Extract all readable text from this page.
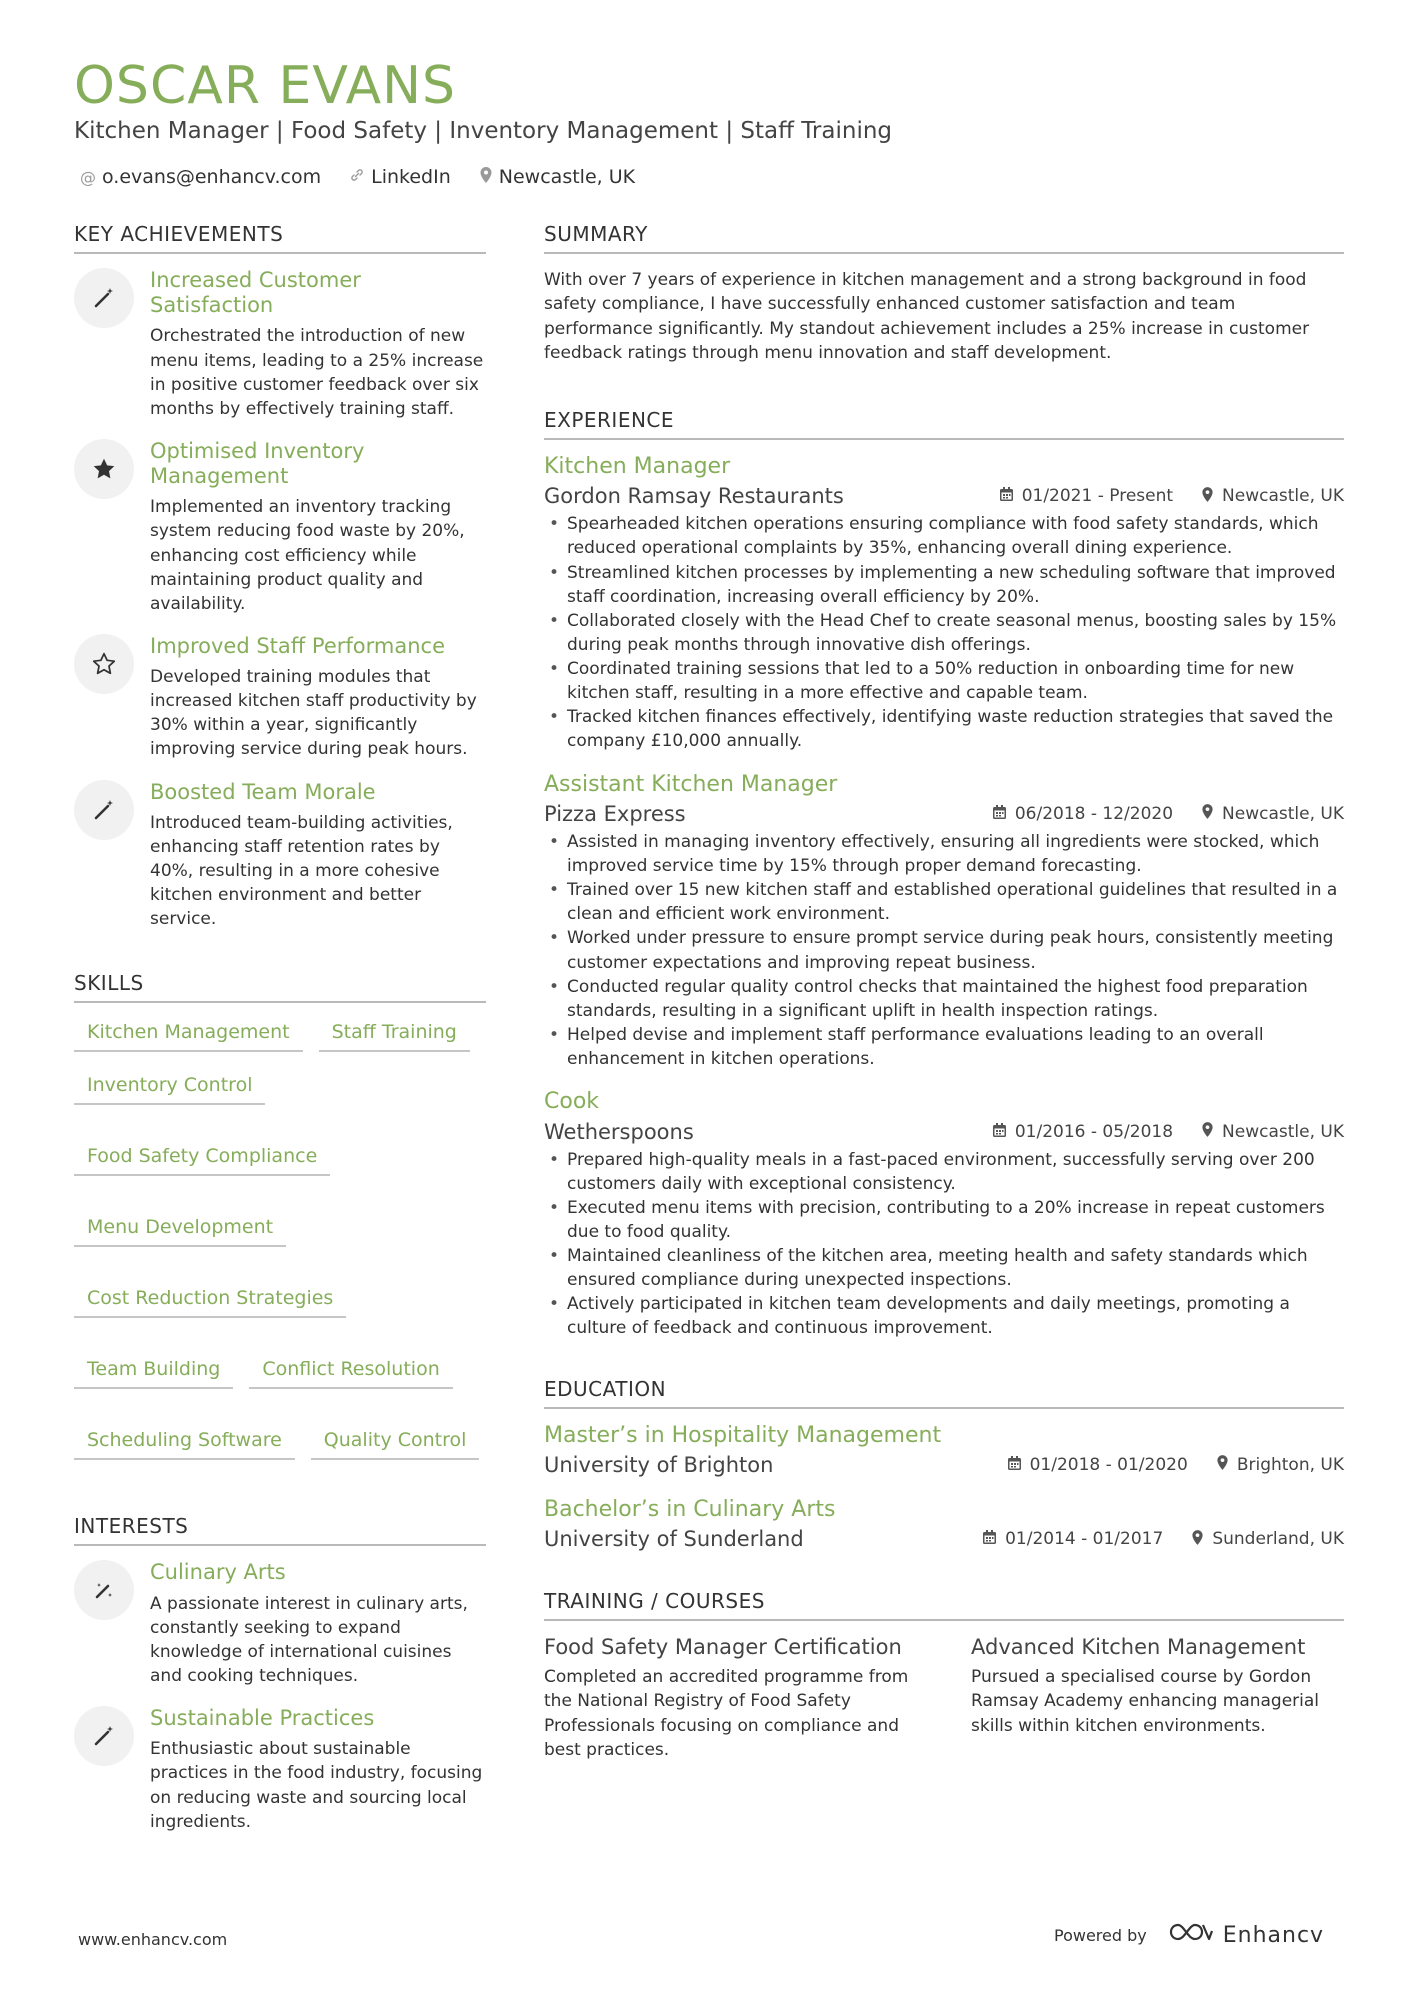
OSCAR EVANS
Kitchen Manager | Food Safety | Inventory Management | Staff Training
@ o.evans@enhancv.com	LinkedIn	Newcastle, UK
KEY ACHIEVEMENTS
Increased Customer Satisfaction
Orchestrated the introduction of new menu items, leading to a 25% increase in positive customer feedback over six months by effectively training staff.
Optimised Inventory Management
Implemented an inventory tracking system reducing food waste by 20%, enhancing cost efficiency while maintaining product quality and availability.
Improved Staff Performance
Developed training modules that increased kitchen staff productivity by 30% within a year, significantly improving service during peak hours.
Boosted Team Morale
Introduced team-building activities, enhancing staff retention rates by 40%, resulting in a more cohesive kitchen environment and better service.
SKILLS
Kitchen Management	Staff Training
Inventory Control
Food Safety Compliance
Menu Development
Cost Reduction Strategies
Team Building	Conflict Resolution
Scheduling Software	Quality Control
INTERESTS
Culinary Arts
A passionate interest in culinary arts, constantly seeking to expand knowledge of international cuisines and cooking techniques.
Sustainable Practices
Enthusiastic about sustainable practices in the food industry, focusing on reducing waste and sourcing local ingredients.
SUMMARY
With over 7 years of experience in kitchen management and a strong background in food safety compliance, I have successfully enhanced customer satisfaction and team performance significantly. My standout achievement includes a 25% increase in customer feedback ratings through menu innovation and staff development.
EXPERIENCE
Kitchen Manager
Gordon Ramsay Restaurants	01/2021 - Present	Newcastle, UK
• Spearheaded kitchen operations ensuring compliance with food safety standards, which reduced operational complaints by 35%, enhancing overall dining experience.
• Streamlined kitchen processes by implementing a new scheduling software that improved staff coordination, increasing overall efficiency by 20%.
• Collaborated closely with the Head Chef to create seasonal menus, boosting sales by 15% during peak months through innovative dish offerings.
• Coordinated training sessions that led to a 50% reduction in onboarding time for new kitchen staff, resulting in a more effective and capable team.
• Tracked kitchen finances effectively, identifying waste reduction strategies that saved the company £10,000 annually.
Assistant Kitchen Manager
Pizza Express	06/2018 - 12/2020	Newcastle, UK
• Assisted in managing inventory effectively, ensuring all ingredients were stocked, which improved service time by 15% through proper demand forecasting.
• Trained over 15 new kitchen staff and established operational guidelines that resulted in a clean and efficient work environment.
• Worked under pressure to ensure prompt service during peak hours, consistently meeting customer expectations and improving repeat business.
• Conducted regular quality control checks that maintained the highest food preparation standards, resulting in a significant uplift in health inspection ratings.
• Helped devise and implement staff performance evaluations leading to an overall enhancement in kitchen operations.
Cook
Wetherspoons	01/2016 - 05/2018	Newcastle, UK
• Prepared high-quality meals in a fast-paced environment, successfully serving over 200 customers daily with exceptional consistency.
• Executed menu items with precision, contributing to a 20% increase in repeat customers due to food quality.
• Maintained cleanliness of the kitchen area, meeting health and safety standards which ensured compliance during unexpected inspections.
• Actively participated in kitchen team developments and daily meetings, promoting a culture of feedback and continuous improvement.
EDUCATION
Master’s in Hospitality Management
University of Brighton	01/2018 - 01/2020	Brighton, UK
Bachelor’s in Culinary Arts
University of Sunderland	01/2014 - 01/2017	Sunderland, UK
TRAINING / COURSES
Food Safety Manager Certification
Completed an accredited programme from the National Registry of Food Safety Professionals focusing on compliance and best practices.
Advanced Kitchen Management
Pursued a specialised course by Gordon Ramsay Academy enhancing managerial skills within kitchen environments.
www.enhancv.com	Powered by	Enhancv
